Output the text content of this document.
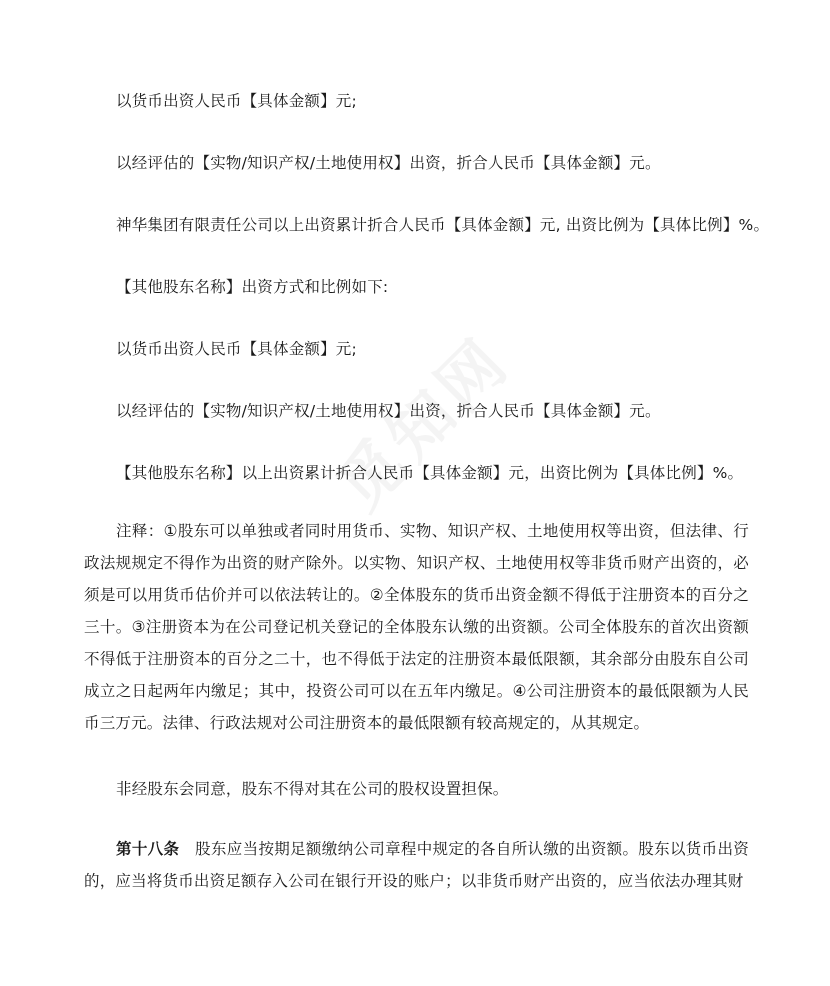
以货币出资人民币【具体金额】元;
以经评估的【实物/知识产权/土地使用权】出资，折合人民币【具体金额】元。
神华集团有限责任公司以上出资累计折合人民币【具体金额】元, 出资比例为【具体比例】%。
【其他股东名称】出资方式和比例如下:
以货币出资人民币【具体金额】元;
以经评估的【实物/知识产权/土地使用权】出资，折合人民币【具体金额】元。
【其他股东名称】以上出资累计折合人民币【具体金额】元，出资比例为【具体比例】%。
注释：①股东可以单独或者同时用货币、实物、知识产权、土地使用权等出资，但法律、行政法规规定不得作为出资的财产除外。以实物、知识产权、土地使用权等非货币财产出资的，必须是可以用货币估价并可以依法转让的。②全体股东的货币出资金额不得低于注册资本的百分之三十。③注册资本为在公司登记机关登记的全体股东认缴的出资额。公司全体股东的首次出资额不得低于注册资本的百分之二十，也不得低于法定的注册资本最低限额，其余部分由股东自公司成立之日起两年内缴足；其中，投资公司可以在五年内缴足。④公司注册资本的最低限额为人民币三万元。法律、行政法规对公司注册资本的最低限额有较高规定的，从其规定。
非经股东会同意，股东不得对其在公司的股权设置担保。
第十八条　 股东应当按期足额缴纳公司章程中规定的各自所认缴的出资额。股东以货币出资的，应当将货币出资足额存入公司在银行开设的账户；以非货币财产出资的，应当依法办理其财
